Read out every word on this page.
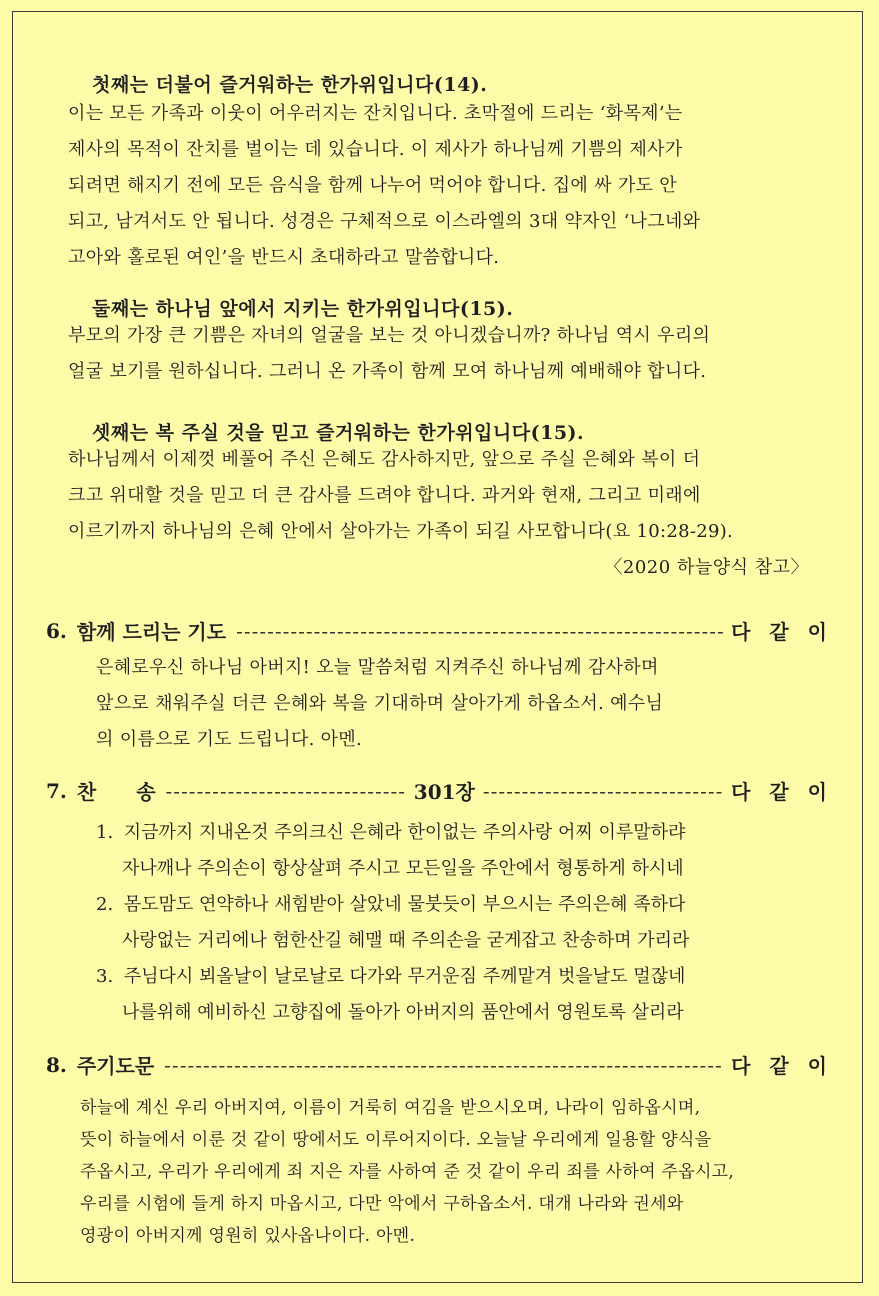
첫째는 더불어 즐거워하는 한가위입니다(14).
이는 모든 가족과 이웃이 어우러지는 잔치입니다. 초막절에 드리는 ‘화목제’는
제사의 목적이 잔치를 벌이는 데 있습니다. 이 제사가 하나님께 기쁨의 제사가
되려면 해지기 전에 모든 음식을 함께 나누어 먹어야 합니다. 집에 싸 가도 안
되고, 남겨서도 안 됩니다. 성경은 구체적으로 이스라엘의 3대 약자인 ‘나그네와
고아와 홀로된 여인’을 반드시 초대하라고 말씀합니다.
둘째는 하나님 앞에서 지키는 한가위입니다(15).
부모의 가장 큰 기쁨은 자녀의 얼굴을 보는 것 아니겠습니까? 하나님 역시 우리의
얼굴 보기를 원하십니다. 그러니 온 가족이 함께 모여 하나님께 예배해야 합니다.
셋째는 복 주실 것을 믿고 즐거워하는 한가위입니다(15).
하나님께서 이제껏 베풀어 주신 은혜도 감사하지만, 앞으로 주실 은혜와 복이 더
크고 위대할 것을 믿고 더 큰 감사를 드려야 합니다. 과거와 현재, 그리고 미래에
이르기까지 하나님의 은혜 안에서 살아가는 가족이 되길 사모합니다(요 10:28-29).
〈2020 하늘양식 참고〉
6. 함께 드리는 기도 -----	다 같 이
은혜로우신 하나님 아버지! 오늘 말씀처럼 지켜주신 하나님께 감사하며
앞으로 채워주실 더큰 은혜와 복을 기대하며 살아가게 하옵소서. 예수님
의 이름으로 기도 드립니다. 아멘.
7. 찬　　송 -----	301장 -----	다 같 이
1. 지금까지 지내온것 주의크신 은혜라 한이없는 주의사랑 어찌 이루말하랴
자나깨나 주의손이 항상살펴 주시고 모든일을 주안에서 형통하게 하시네
2. 몸도맘도 연약하나 새힘받아 살았네 물붓듯이 부으시는 주의은혜 족하다
사랑없는 거리에나 험한산길 헤맬 때 주의손을 굳게잡고 찬송하며 가리라
3. 주님다시 뵈올날이 날로날로 다가와 무거운짐 주께맡겨 벗을날도 멀잖네
나를위해 예비하신 고향집에 돌아가 아버지의 품안에서 영원토록 살리라
8. 주기도문 -----	다 같 이
하늘에 계신 우리 아버지여, 이름이 거룩히 여김을 받으시오며, 나라이 임하옵시며,
뜻이 하늘에서 이룬 것 같이 땅에서도 이루어지이다. 오늘날 우리에게 일용할 양식을
주옵시고, 우리가 우리에게 죄 지은 자를 사하여 준 것 같이 우리 죄를 사하여 주옵시고,
우리를 시험에 들게 하지 마옵시고, 다만 악에서 구하옵소서. 대개 나라와 권세와
영광이 아버지께 영원히 있사옵나이다. 아멘.
